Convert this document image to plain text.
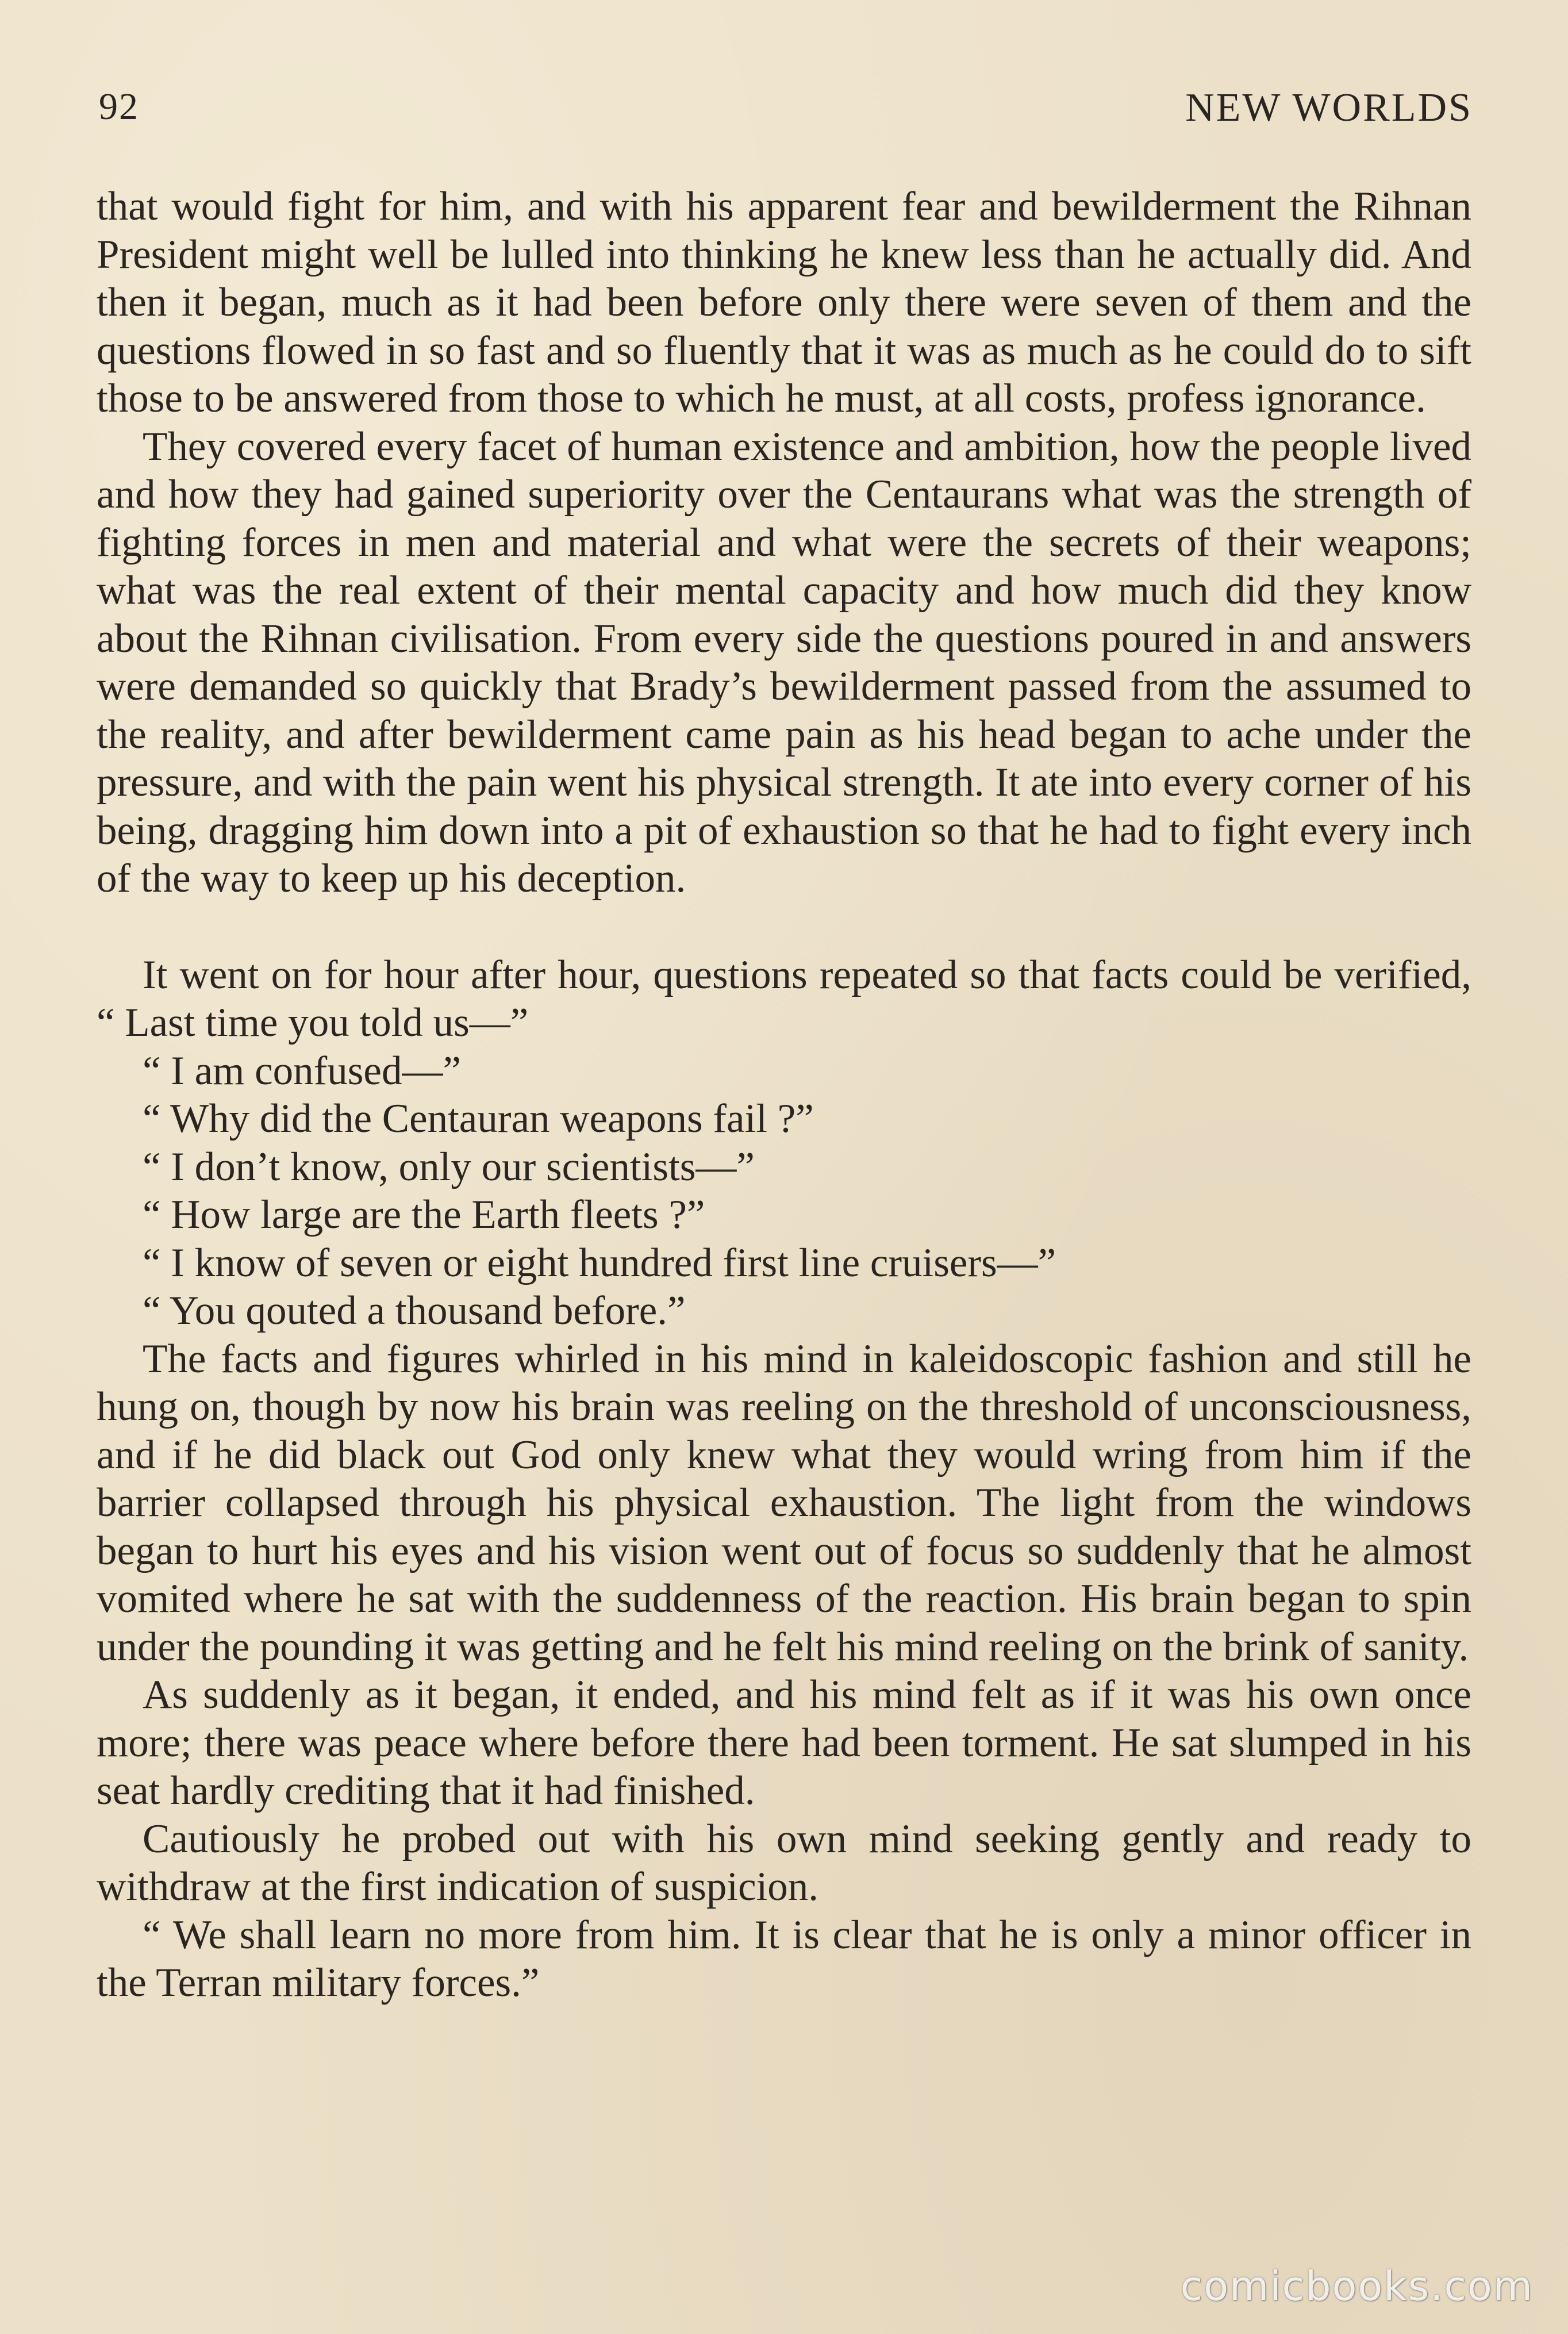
92	NEW WORLDS

that would fight for him, and with his apparent fear and bewilderment the Rihnan President might well be lulled into thinking he knew less than he actually did. And then it began, much as it had been before only there were seven of them and the questions flowed in so fast and so fluently that it was as much as he could do to sift those to be answered from those to which he must, at all costs, profess ignorance.

They covered every facet of human existence and ambition, how the people lived and how they had gained superiority over the Centaurans what was the strength of fighting forces in men and material and what were the secrets of their weapons; what was the real extent of their mental capacity and how much did they know about the Rihnan civilisation. From every side the questions poured in and answers were demanded so quickly that Brady’s bewilderment passed from the assumed to the reality, and after bewilderment came pain as his head began to ache under the pressure, and with the pain went his physical strength. It ate into every corner of his being, dragging him down into a pit of exhaustion so that he had to fight every inch of the way to keep up his deception.

It went on for hour after hour, questions repeated so that facts could be verified, “ Last time you told us—”

“ I am confused—”

“ Why did the Centauran weapons fail ?”

“ I don’t know, only our scientists—”

“ How large are the Earth fleets ?”

“ I know of seven or eight hundred first line cruisers—”

“ You qouted a thousand before.”

The facts and figures whirled in his mind in kaleidoscopic fashion and still he hung on, though by now his brain was reeling on the threshold of unconsciousness, and if he did black out God only knew what they would wring from him if the barrier collapsed through his physical exhaustion. The light from the windows began to hurt his eyes and his vision went out of focus so suddenly that he almost vomited where he sat with the suddenness of the reaction. His brain began to spin under the pounding it was getting and he felt his mind reeling on the brink of sanity.

As suddenly as it began, it ended, and his mind felt as if it was his own once more; there was peace where before there had been torment. He sat slumped in his seat hardly crediting that it had finished.

Cautiously he probed out with his own mind seeking gently and ready to withdraw at the first indication of suspicion.

“ We shall learn no more from him. It is clear that he is only a minor officer in the Terran military forces.”

comicbooks.com
